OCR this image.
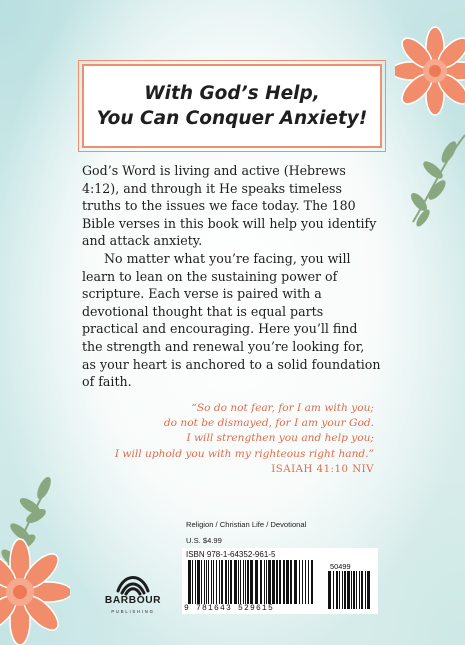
With God’s Help,
You Can Conquer Anxiety!

God’s Word is living and active (Hebrews 4:12), and through it He speaks timeless truths to the issues we face today. The 180 Bible verses in this book will help you identify and attack anxiety.

No matter what you’re facing, you will learn to lean on the sustaining power of scripture. Each verse is paired with a devotional thought that is equal parts practical and encouraging. Here you’ll find the strength and renewal you’re looking for, as your heart is anchored to a solid foundation of faith.

“So do not fear, for I am with you;
do not be dismayed, for I am your God.
I will strengthen you and help you;
I will uphold you with my righteous right hand.”
ISAIAH 41:10 NIV
Religion / Christian Life / Devotional
U.S. $4.99
ISBN 978-1-64352-961-5
50499
9 781643 529615
BARBOUR
PUBLISHING
